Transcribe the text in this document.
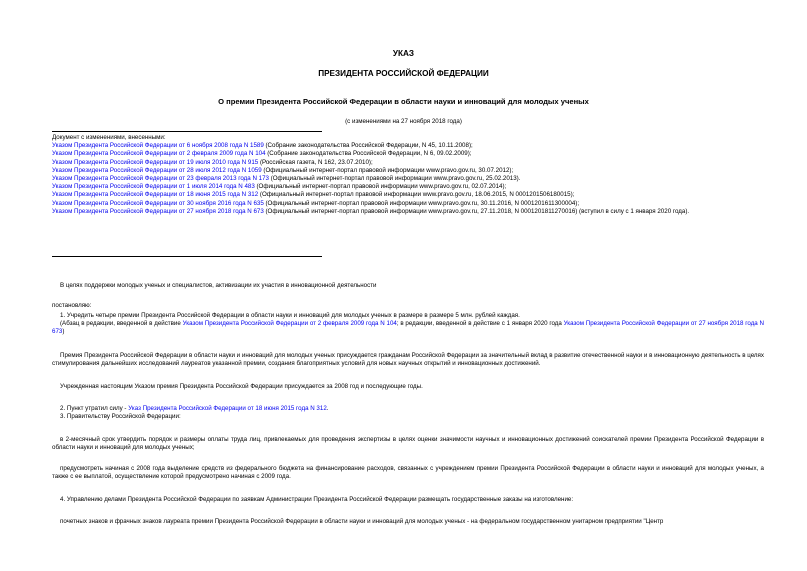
УКАЗ
ПРЕЗИДЕНТА РОССИЙСКОЙ ФЕДЕРАЦИИ
О премии Президента Российской Федерации в области науки и инноваций для молодых ученых
(с изменениями на 27 ноября 2018 года)
Документ с изменениями, внесенными:
Указом Президента Российской Федерации от 6 ноября 2008 года N 1589 (Собрание законодательства Российской Федерации, N 45, 10.11.2008);
Указом Президента Российской Федерации от 2 февраля 2009 года N 104 (Собрание законодательства Российской Федерации, N 6, 09.02.2009);
Указом Президента Российской Федерации от 19 июля 2010 года N 915 (Российская газета, N 162, 23.07.2010);
Указом Президента Российской Федерации от 28 июля 2012 года N 1059 (Официальный интернет-портал правовой информации www.pravo.gov.ru, 30.07.2012);
Указом Президента Российской Федерации от 23 февраля 2013 года N 173 (Официальный интернет-портал правовой информации www.pravo.gov.ru, 25.02.2013).
Указом Президента Российской Федерации от 1 июля 2014 года N 483 (Официальный интернет-портал правовой информации www.pravo.gov.ru, 02.07.2014);
Указом Президента Российской Федерации от 18 июня 2015 года N 312 (Официальный интернет-портал правовой информации www.pravo.gov.ru, 18.06.2015, N 0001201506180015);
Указом Президента Российской Федерации от 30 ноября 2016 года N 635 (Официальный интернет-портал правовой информации www.pravo.gov.ru, 30.11.2016, N 0001201611300004);
Указом Президента Российской Федерации от 27 ноября 2018 года N 673 (Официальный интернет-портал правовой информации www.pravo.gov.ru, 27.11.2018, N 0001201811270016) (вступил в силу с 1 января 2020 года).

В целях поддержки молодых ученых и специалистов, активизации их участия в инновационной деятельности

постановляю:

1. Учредить четыре премии Президента Российской Федерации в области науки и инноваций для молодых ученых в размере в размере 5 млн. рублей каждая.

(Абзац в редакции, введенной в действие Указом Президента Российской Федерации от 2 февраля 2009 года N 104; в редакции, введенной в действие с 1 января 2020 года Указом Президента Российской Федерации от 27 ноября 2018 года N 673)

Премия Президента Российской Федерации в области науки и инноваций для молодых ученых присуждается гражданам Российской Федерации за значительный вклад в развитие отечественной науки и в инновационную деятельность в целях стимулирования дальнейших исследований лауреатов указанной премии, создания благоприятных условий для новых научных открытий и инновационных достижений.

Учрежденная настоящим Указом премия Президента Российской Федерации присуждается за 2008 год и последующие годы.

2. Пункт утратил силу - Указ Президента Российской Федерации от 18 июня 2015 года N 312.

3. Правительству Российской Федерации:

в 2-месячный срок утвердить порядок и размеры оплаты труда лиц, привлекаемых для проведения экспертизы в целях оценки значимости научных и инновационных достижений соискателей премии Президента Российской Федерации в области науки и инноваций для молодых ученых;

предусмотреть начиная с 2008 года выделение средств из федерального бюджета на финансирование расходов, связанных с учреждением премии Президента Российской Федерации в области науки и инноваций для молодых ученых, а также с ее выплатой, осуществление которой предусмотрено начиная с 2009 года.

4. Управлению делами Президента Российской Федерации по заявкам Администрации Президента Российской Федерации размещать государственные заказы на изготовление:

почетных знаков и фрачных знаков лауреата премии Президента Российской Федерации в области науки и инноваций для молодых ученых - на федеральном государственном унитарном предприятии "Центр
